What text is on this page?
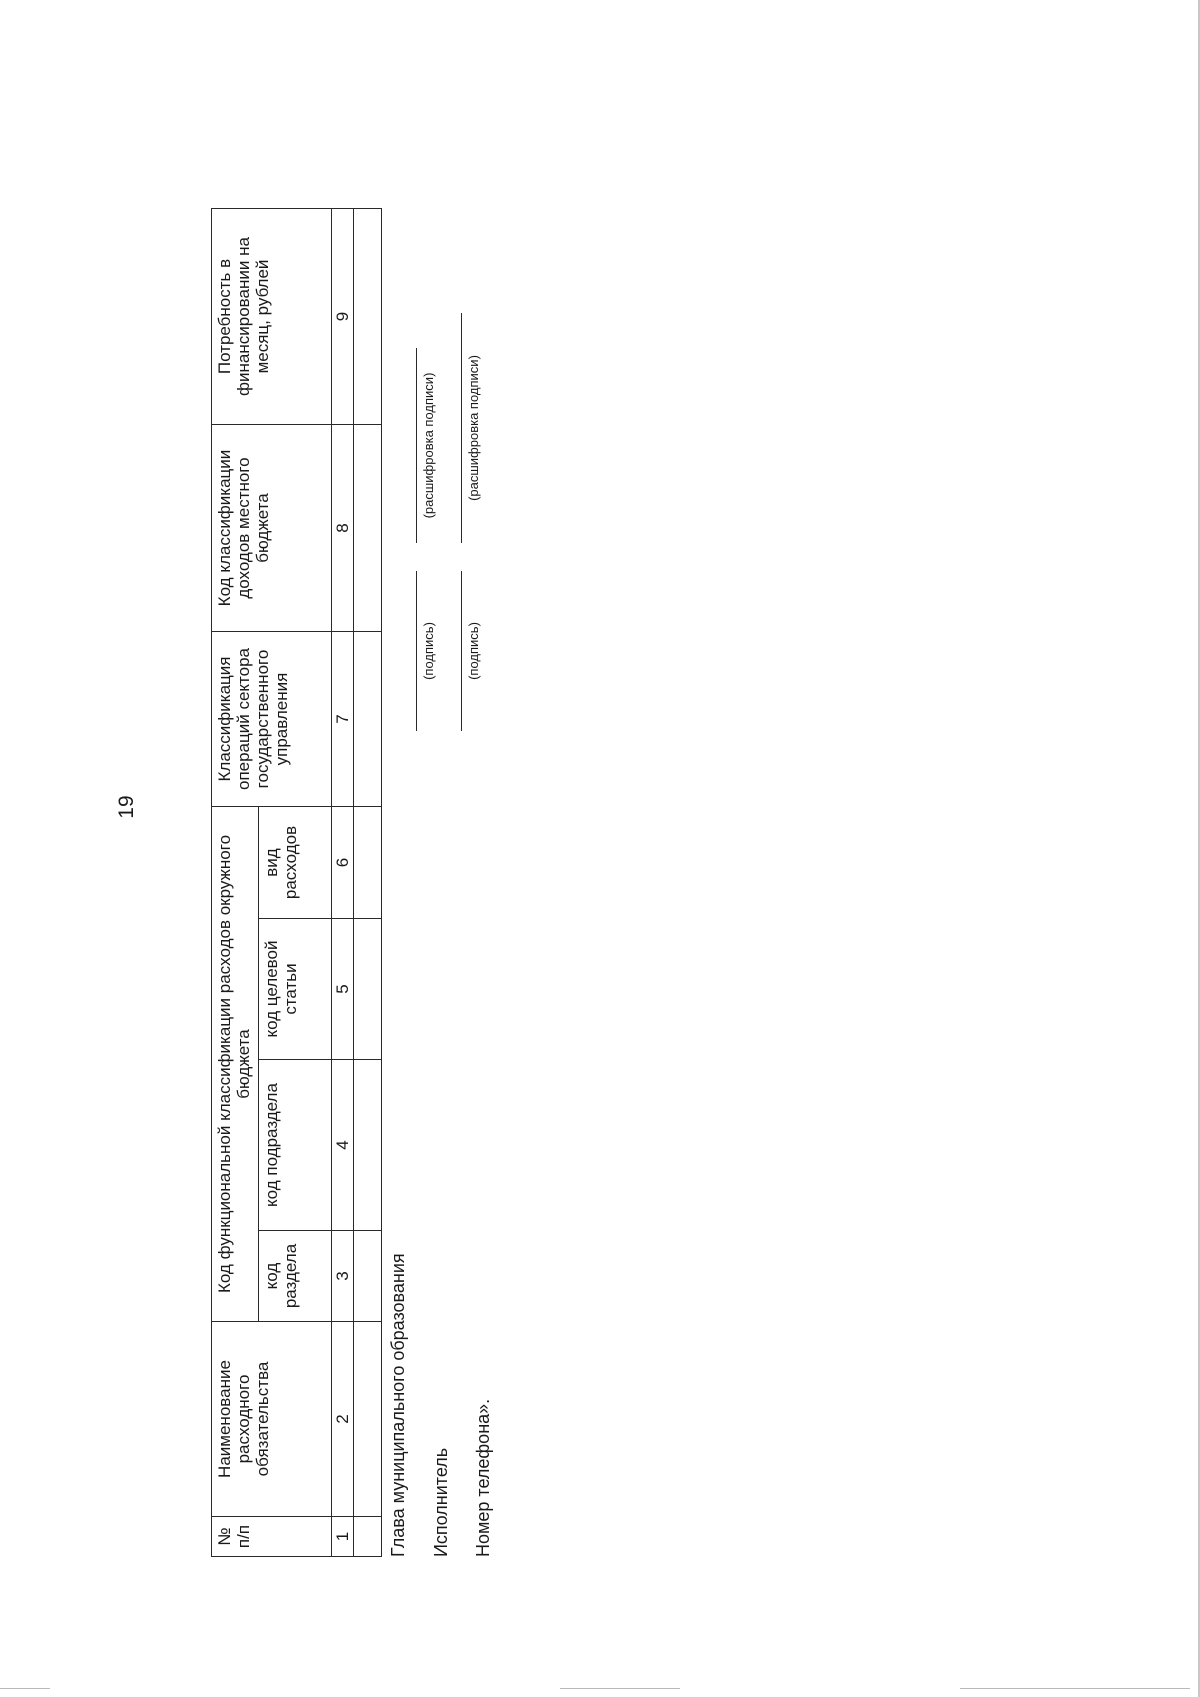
19
№ п/п	Наименование расходного обязательства	Код функциональной классификации расходов окружного бюджета				Классификация операций сектора государственного управления	Код классификации доходов местного бюджета	Потребность в финансировании на месяц, рублей
		код раздела	код подраздела	код целевой статьи	вид расходов			
1	2	3	4	5	6	7	8	9

Глава муниципального образования Исполнитель Номер телефона».
(подпись)
(расшифровка подписи)
(подпись)
(расшифровка подписи)
